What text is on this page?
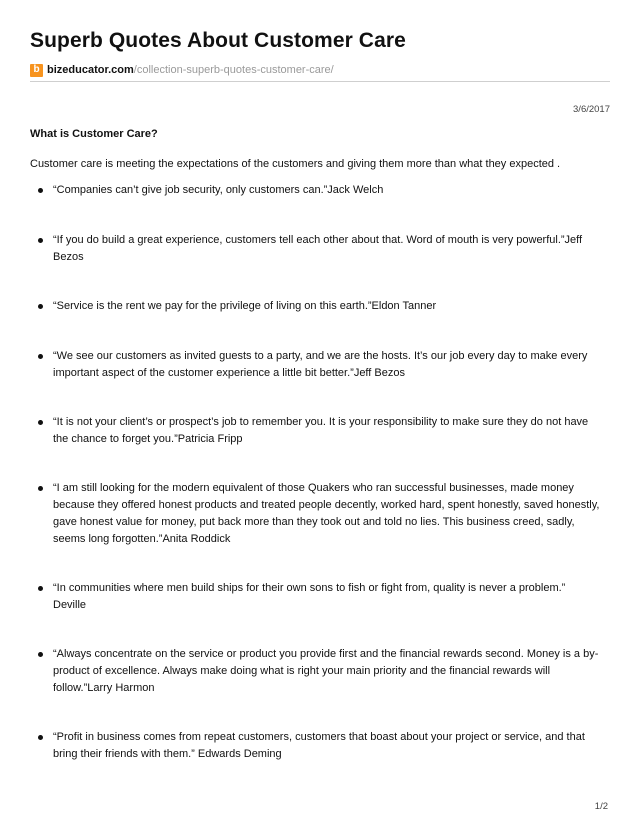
Superb Quotes About Customer Care
b bizeducator.com /collection-superb-quotes-customer-care/
3/6/2017
What is Customer Care?
Customer care is meeting the expectations of the customers and giving them more than what they expected .
“Companies can’t give job security, only customers can.”Jack Welch
“If you do build a great experience, customers tell each other about that. Word of mouth is very powerful.”Jeff Bezos
“Service is the rent we pay for the privilege of living on this earth.”Eldon Tanner
“We see our customers as invited guests to a party, and we are the hosts. It’s our job every day to make every important aspect of the customer experience a little bit better.”Jeff Bezos
“It is not your client’s or prospect’s job to remember you. It is your responsibility to make sure they do not have the chance to forget you.”Patricia Fripp
“I am still looking for the modern equivalent of those Quakers who ran successful businesses, made money because they offered honest products and treated people decently, worked hard, spent honestly, saved honestly, gave honest value for money, put back more than they took out and told no lies. This business creed, sadly, seems long forgotten.”Anita Roddick
“In communities where men build ships for their own sons to fish or fight from, quality is never a problem.” Deville
“Always concentrate on the service or product you provide first and the financial rewards second. Money is a by-product of excellence. Always make doing what is right your main priority and the financial rewards will follow.”Larry Harmon
“Profit in business comes from repeat customers, customers that boast about your project or service, and that bring their friends with them.” Edwards Deming
1/2
